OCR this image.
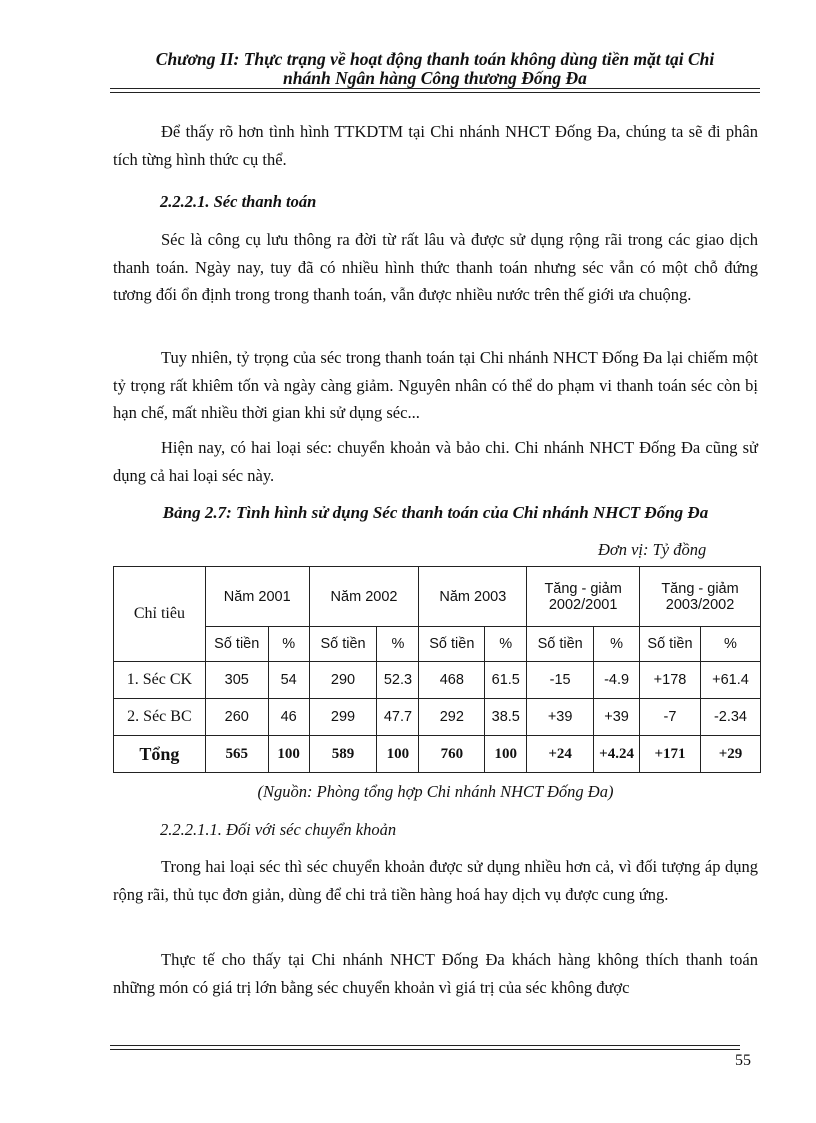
Chương II: Thực trạng về hoạt động thanh toán không dùng tiền mặt tại Chi
nhánh Ngân hàng Công thương Đống Đa
Để thấy rõ hơn tình hình TTKDTM tại Chi nhánh NHCT Đống Đa, chúng ta sẽ đi phân tích từng hình thức cụ thể.
2.2.2.1. Séc thanh toán
Séc là công cụ lưu thông ra đời từ rất lâu và được sử dụng rộng rãi trong các giao dịch thanh toán. Ngày nay, tuy đã có nhiều hình thức thanh toán nhưng séc vẫn có một chỗ đứng tương đối ổn định trong trong thanh toán, vẫn được nhiều nước trên thế giới ưa chuộng.
Tuy nhiên, tỷ trọng của séc trong thanh toán tại Chi nhánh NHCT Đống Đa lại chiếm một tỷ trọng rất khiêm tốn và ngày càng giảm. Nguyên nhân có thể do phạm vi thanh toán séc còn bị hạn chế, mất nhiều thời gian khi sử dụng séc...
Hiện nay, có hai loại séc: chuyển khoản và bảo chi. Chi nhánh NHCT Đống Đa cũng sử dụng cả hai loại séc này.
Bảng 2.7: Tình hình sử dụng Séc thanh toán của Chi nhánh NHCT Đống Đa
Đơn vị: Tỷ đồng
Chỉ tiêu	Năm 2001		Năm 2002		Năm 2003		Tăng - giảm 2002/2001		Tăng - giảm 2003/2002	
	Số tiền	%	Số tiền	%	Số tiền	%	Số tiền	%	Số tiền	%
1. Séc CK	305	54	290	52.3	468	61.5	-15	-4.9	+178	+61.4
2. Séc BC	260	46	299	47.7	292	38.5	+39	+39	-7	-2.34
Tổng	565	100	589	100	760	100	+24	+4.24	+171	+29
(Nguồn: Phòng tổng hợp Chi nhánh NHCT Đống Đa)
2.2.2.1.1. Đối với séc chuyển khoản
Trong hai loại séc thì séc chuyển khoản được sử dụng nhiều hơn cả, vì đối tượng áp dụng rộng rãi, thủ tục đơn giản, dùng để chi trả tiền hàng hoá hay dịch vụ được cung ứng.
Thực tế cho thấy tại Chi nhánh NHCT Đống Đa khách hàng không thích thanh toán những món có giá trị lớn bằng séc chuyển khoản vì giá trị của séc không được
55
